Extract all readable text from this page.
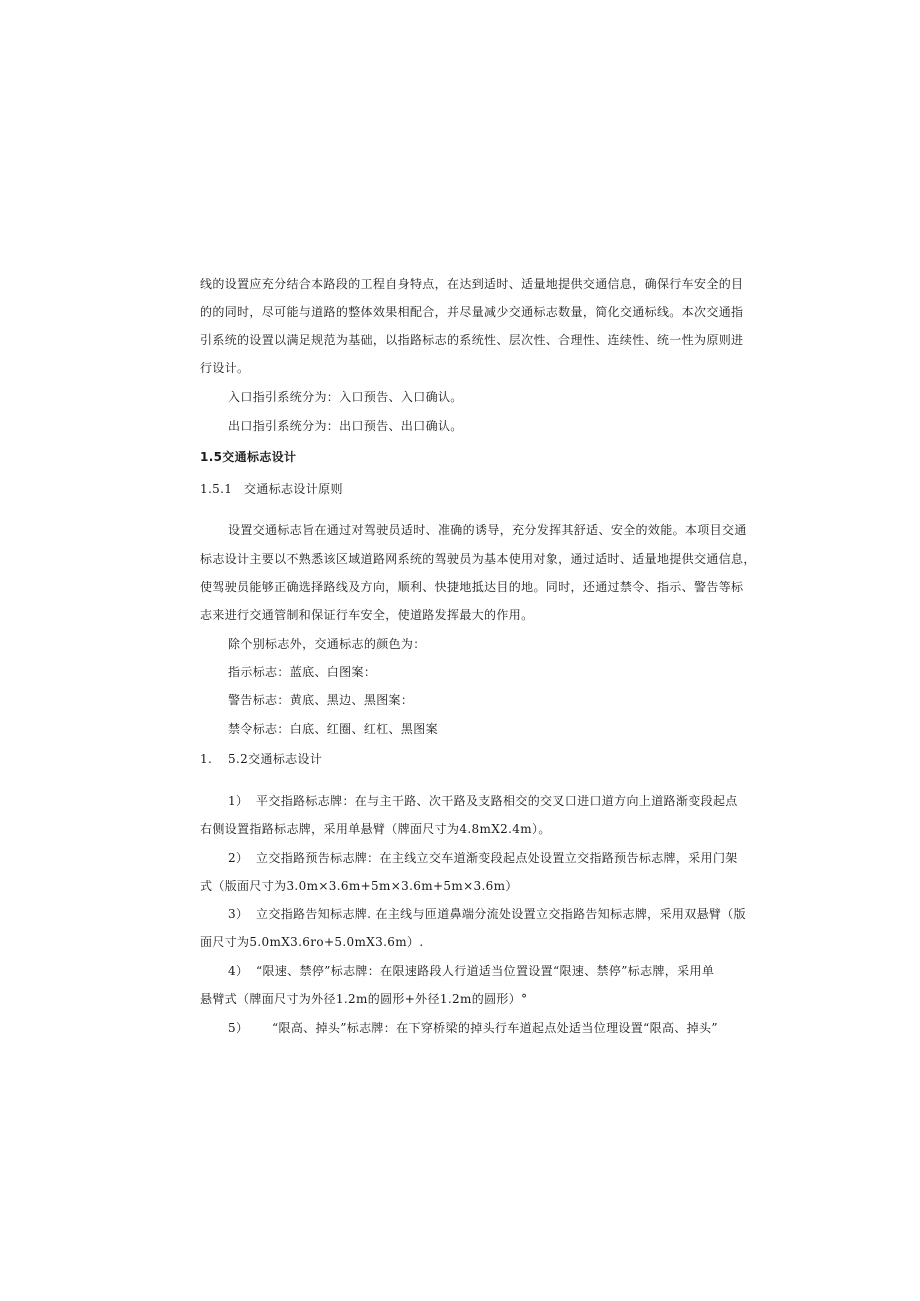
线的设置应充分结合本路段的工程自身特点，在达到适时、适量地提供交通信息，确保行车安全的目
的的同时，尽可能与道路的整体效果相配合，并尽量减少交通标志数量，简化交通标线。本次交通指
引系统的设置以满足规范为基础，以指路标志的系统性、层次性、合理性、连续性、统一性为原则进
行设计。
入口指引系统分为：入口预告、入口确认。
出口指引系统分为：出口预告、出口确认。
1.5交通标志设计
1.5.1 交通标志设计原则
设置交通标志旨在通过对驾驶员适时、准确的诱导，充分发挥其舒适、安全的效能。本项目交通
标志设计主要以不熟悉该区域道路网系统的驾驶员为基本使用对象，通过适时、适量地提供交通信息，
使驾驶员能够正确选择路线及方向，顺利、快捷地抵达目的地。同时，还通过禁令、指示、警告等标
志来进行交通管制和保证行车安全，使道路发挥最大的作用。
除个别标志外，交通标志的颜色为：
指示标志：蓝底、白图案：
警告标志：黄底、黑边、黑图案：
禁令标志：白底、红圈、红杠、黑图案
1. 5.2交通标志设计
1） 平交指路标志牌：在与主干路、次干路及支路相交的交叉口进口道方向上道路渐变段起点
右侧设置指路标志牌，采用单悬臂（牌面尺寸为4.8mX2.4m）。
2） 立交指路预告标志牌：在主线立交车道渐变段起点处设置立交指路预告标志牌，采用门架
式（版面尺寸为3.0m×3.6m+5m×3.6m+5m×3.6m）
3） 立交指路告知标志牌. 在主线与匝道鼻端分流处设置立交指路告知标志牌，采用双悬臂（版
面尺寸为5.0mX3.6ro+5.0mX3.6m）.
4） “限速、禁停”标志牌：在限速路段人行道适当位置设置“限速、禁停”标志牌，采用单
悬臂式（牌面尺寸为外径1.2m的圆形+外径1.2m的圆形）°
5） “限高、掉头”标志牌：在下穿桥梁的掉头行车道起点处适当位理设置“限高、掉头”
